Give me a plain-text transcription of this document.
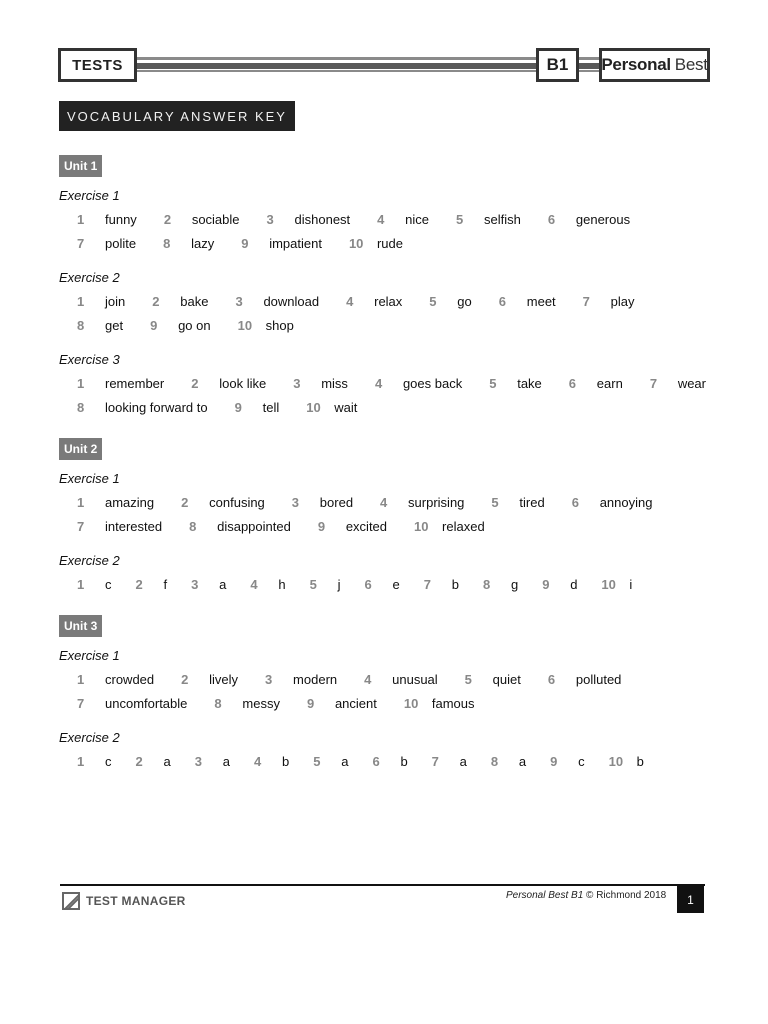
TESTS	B1	Personal Best
VOCABULARY ANSWER KEY
Unit 1

Exercise 1
1 funny 2 sociable 3 dishonest 4 nice 5 selfish 6 generous
7 polite 8 lazy 9 impatient 10 rude
Exercise 2
1 join 2 bake 3 download 4 relax 5 go 6 meet 7 play
8 get 9 go on 10 shop
Exercise 3
1 remember 2 look like 3 miss 4 goes back 5 take 6 earn 7 wear
8 looking forward to 9 tell 10 wait
Unit 2

Exercise 1
1 amazing 2 confusing 3 bored 4 surprising 5 tired 6 annoying
7 interested 8 disappointed 9 excited 10 relaxed
Exercise 2
1 c 2 f 3 a 4 h 5 j 6 e 7 b 8 g 9 d 10 i
Unit 3

Exercise 1
1 crowded 2 lively 3 modern 4 unusual 5 quiet 6 polluted
7 uncomfortable 8 messy 9 ancient 10 famous
Exercise 2
1 c 2 a 3 a 4 b 5 a 6 b 7 a 8 a 9 c 10 b
TEST MANAGER	Personal Best B1 © Richmond 2018	1
